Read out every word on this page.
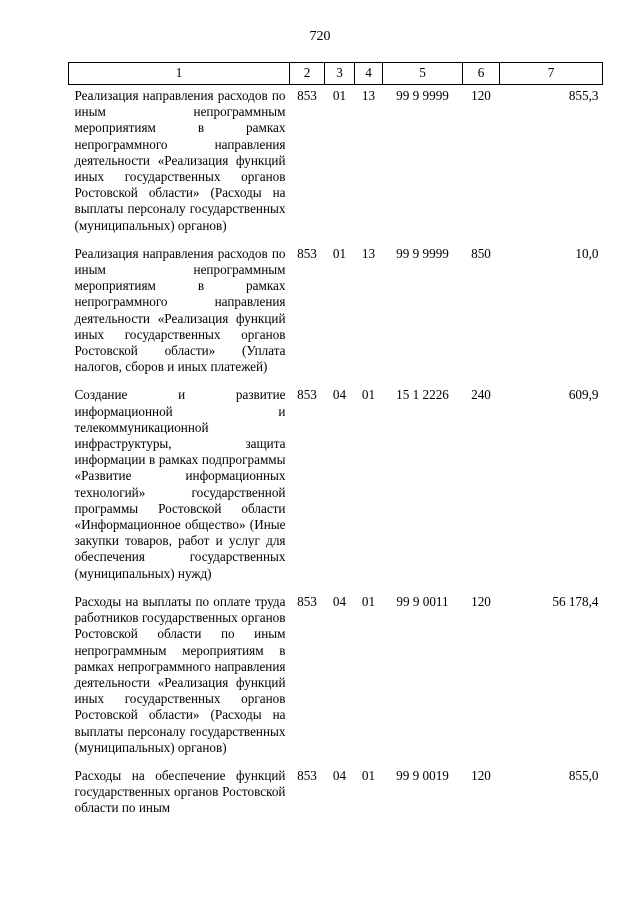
720
1	2	3	4	5	6	7
Реализация направления расходов по иным непрограммным мероприятиям в рамках непрограммного направления деятельности «Реализация функций иных государственных органов Ростовской области» (Расходы на выплаты персоналу государственных (муниципальных) органов)	853	01	13	99 9 9999	120	855,3
Реализация направления расходов по иным непрограммным мероприятиям в рамках непрограммного направления деятельности «Реализация функций иных государственных органов Ростовской области» (Уплата налогов, сборов и иных платежей)	853	01	13	99 9 9999	850	10,0
Создание и развитие информационной и телекоммуникационной инфраструктуры, защита информации в рамках подпрограммы «Развитие информационных технологий» государственной программы Ростовской области «Информационное общество» (Иные закупки товаров, работ и услуг для обеспечения государственных (муниципальных) нужд)	853	04	01	15 1 2226	240	609,9
Расходы на выплаты по оплате труда работников государственных органов Ростовской области по иным непрограммным мероприятиям в рамках непрограммного направления деятельности «Реализация функций иных государственных органов Ростовской области» (Расходы на выплаты персоналу государственных (муниципальных) органов)	853	04	01	99 9 0011	120	56 178,4
Расходы на обеспечение функций государственных органов Ростовской области по иным	853	04	01	99 9 0019	120	855,0
